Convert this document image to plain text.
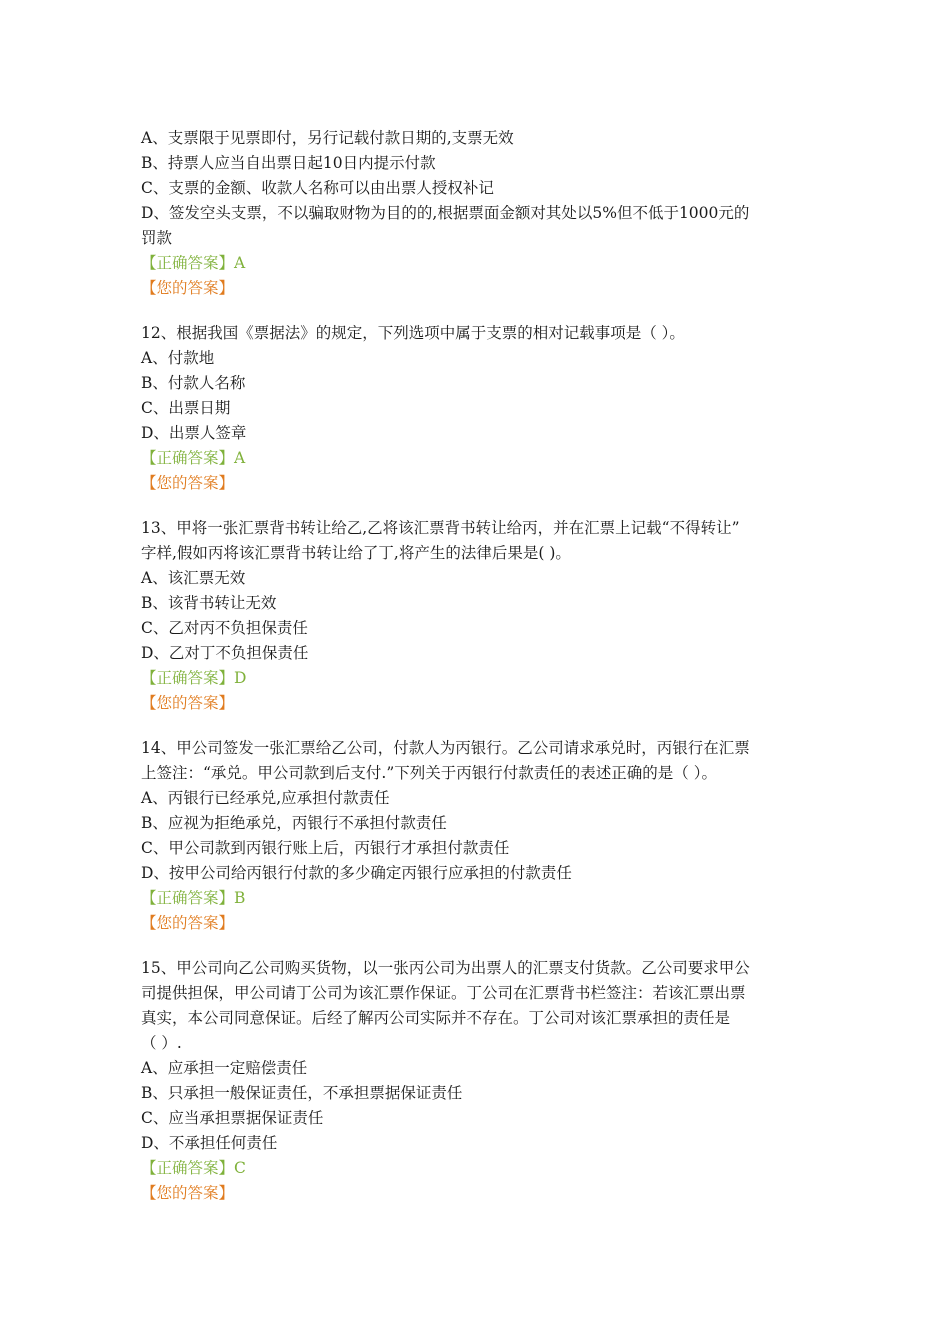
A、支票限于见票即付，另行记载付款日期的,支票无效
B、持票人应当自出票日起10日内提示付款
C、支票的金额、收款人名称可以由出票人授权补记
D、签发空头支票，不以骗取财物为目的的,根据票面金额对其处以5%但不低于1000元的
罚款
【正确答案】A
【您的答案】
12、根据我国《票据法》的规定，下列选项中属于支票的相对记载事项是（ ）。
A、付款地
B、付款人名称
C、出票日期
D、出票人签章
【正确答案】A
【您的答案】
13、甲将一张汇票背书转让给乙,乙将该汇票背书转让给丙，并在汇票上记载“不得转让”
字样,假如丙将该汇票背书转让给了丁,将产生的法律后果是( )。
A、该汇票无效
B、该背书转让无效
C、乙对丙不负担保责任
D、乙对丁不负担保责任
【正确答案】D
【您的答案】
14、甲公司签发一张汇票给乙公司，付款人为丙银行。乙公司请求承兑时，丙银行在汇票
上签注：“承兑。甲公司款到后支付.”下列关于丙银行付款责任的表述正确的是（ ）。
A、丙银行已经承兑,应承担付款责任
B、应视为拒绝承兑，丙银行不承担付款责任
C、甲公司款到丙银行账上后，丙银行才承担付款责任
D、按甲公司给丙银行付款的多少确定丙银行应承担的付款责任
【正确答案】B
【您的答案】
15、甲公司向乙公司购买货物，以一张丙公司为出票人的汇票支付货款。乙公司要求甲公
司提供担保，甲公司请丁公司为该汇票作保证。丁公司在汇票背书栏签注：若该汇票出票
真实，本公司同意保证。后经了解丙公司实际并不存在。丁公司对该汇票承担的责任是
（ ）.
A、应承担一定赔偿责任
B、只承担一般保证责任，不承担票据保证责任
C、应当承担票据保证责任
D、不承担任何责任
【正确答案】C
【您的答案】
